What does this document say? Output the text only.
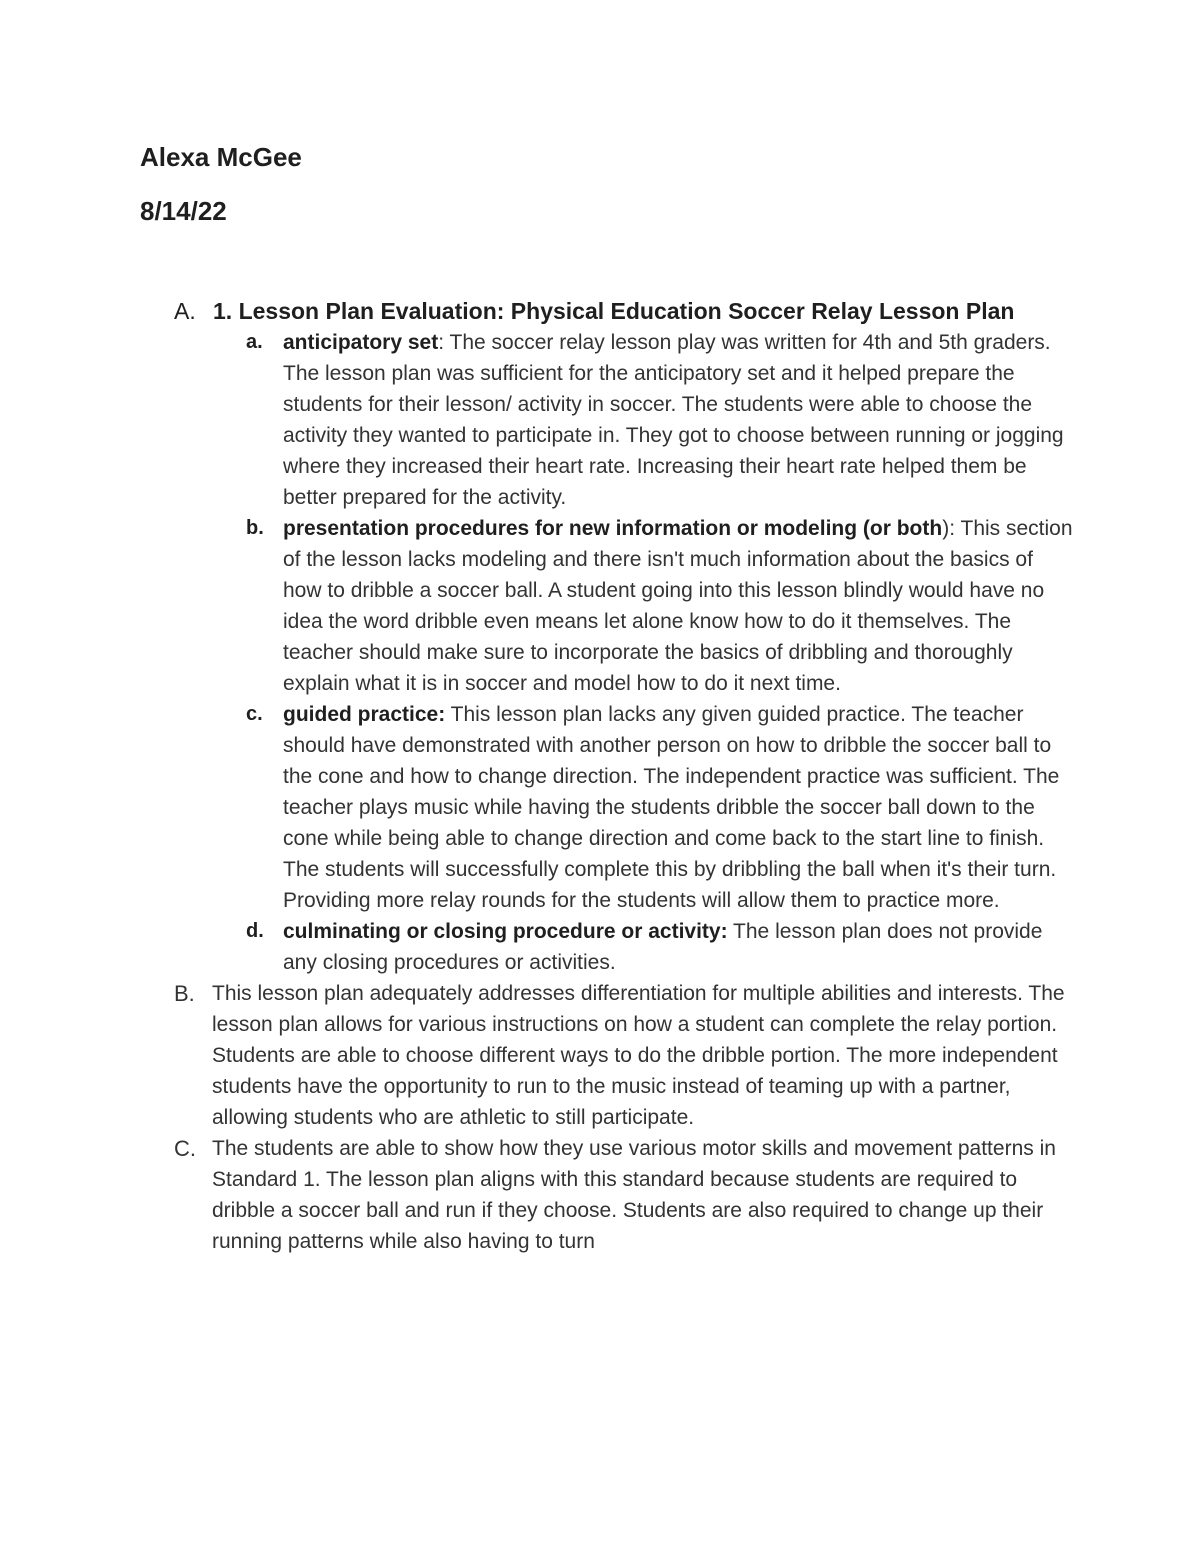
Alexa McGee
8/14/22
A. 1. Lesson Plan Evaluation: Physical Education Soccer Relay Lesson Plan
a. anticipatory set: The soccer relay lesson play was written for 4th and 5th graders. The lesson plan was sufficient for the anticipatory set and it helped prepare the students for their lesson/ activity in soccer. The students were able to choose the activity they wanted to participate in. They got to choose between running or jogging where they increased their heart rate. Increasing their heart rate helped them be better prepared for the activity.
b. presentation procedures for new information or modeling (or both): This section of the lesson lacks modeling and there isn't much information about the basics of how to dribble a soccer ball. A student going into this lesson blindly would have no idea the word dribble even means let alone know how to do it themselves. The teacher should make sure to incorporate the basics of dribbling and thoroughly explain what it is in soccer and model how to do it next time.
c. guided practice: This lesson plan lacks any given guided practice. The teacher should have demonstrated with another person on how to dribble the soccer ball to the cone and how to change direction. The independent practice was sufficient. The teacher plays music while having the students dribble the soccer ball down to the cone while being able to change direction and come back to the start line to finish. The students will successfully complete this by dribbling the ball when it's their turn. Providing more relay rounds for the students will allow them to practice more.
d. culminating or closing procedure or activity: The lesson plan does not provide any closing procedures or activities.
B. This lesson plan adequately addresses differentiation for multiple abilities and interests. The lesson plan allows for various instructions on how a student can complete the relay portion. Students are able to choose different ways to do the dribble portion. The more independent students have the opportunity to run to the music instead of teaming up with a partner, allowing students who are athletic to still participate.
C. The students are able to show how they use various motor skills and movement patterns in Standard 1. The lesson plan aligns with this standard because students are required to dribble a soccer ball and run if they choose. Students are also required to change up their running patterns while also having to turn
